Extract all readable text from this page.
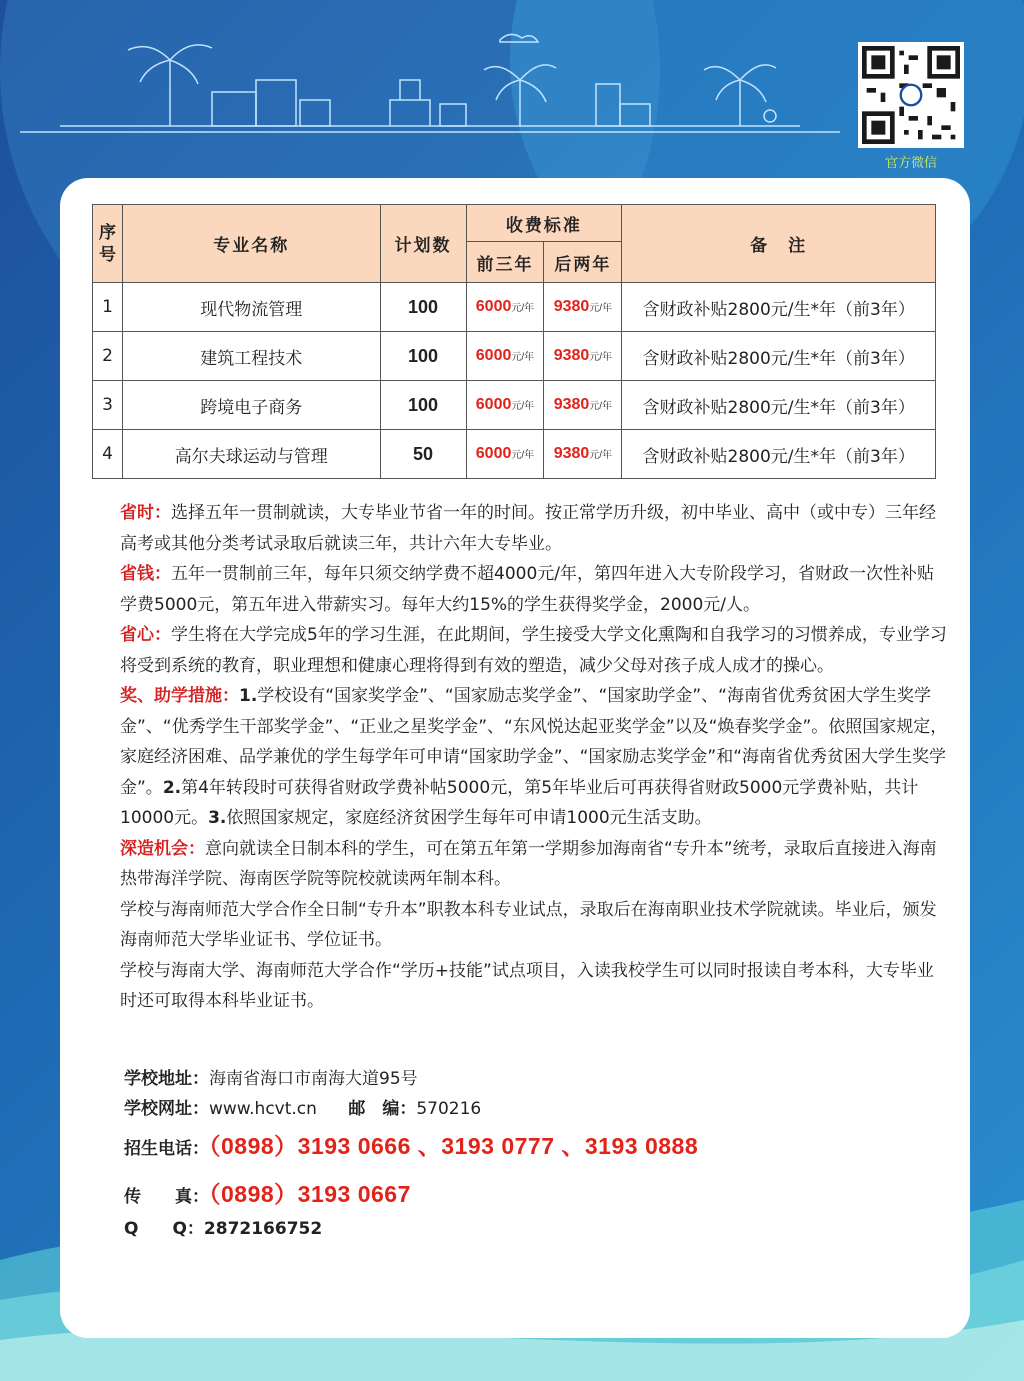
官方微信
序号	专业名称	计划数	收费标准		备　注
			前三年	后两年	
1	现代物流管理	100	6000元/年	9380元/年	含财政补贴2800元/生*年（前3年）
2	建筑工程技术	100	6000元/年	9380元/年	含财政补贴2800元/生*年（前3年）
3	跨境电子商务	100	6000元/年	9380元/年	含财政补贴2800元/生*年（前3年）
4	高尔夫球运动与管理	50	6000元/年	9380元/年	含财政补贴2800元/生*年（前3年）
省时：选择五年一贯制就读，大专毕业节省一年的时间。按正常学历升级，初中毕业、高中（或中专）三年经高考或其他分类考试录取后就读三年，共计六年大专毕业。
省钱：五年一贯制前三年，每年只须交纳学费不超4000元/年，第四年进入大专阶段学习，省财政一次性补贴学费5000元，第五年进入带薪实习。每年大约15%的学生获得奖学金，2000元/人。
省心：学生将在大学完成5年的学习生涯，在此期间，学生接受大学文化熏陶和自我学习的习惯养成，专业学习将受到系统的教育，职业理想和健康心理将得到有效的塑造，减少父母对孩子成人成才的操心。
奖、助学措施：1.学校设有“国家奖学金”、“国家励志奖学金”、“国家助学金”、“海南省优秀贫困大学生奖学金”、“优秀学生干部奖学金”、“正业之星奖学金”、“东风悦达起亚奖学金”以及“焕春奖学金”。依照国家规定，家庭经济困难、品学兼优的学生每学年可申请“国家助学金”、“国家励志奖学金”和“海南省优秀贫困大学生奖学金”。2.第4年转段时可获得省财政学费补帖5000元，第5年毕业后可再获得省财政5000元学费补贴，共计10000元。3.依照国家规定，家庭经济贫困学生每年可申请1000元生活支助。
深造机会：意向就读全日制本科的学生，可在第五年第一学期参加海南省“专升本”统考，录取后直接进入海南热带海洋学院、海南医学院等院校就读两年制本科。
学校与海南师范大学合作全日制“专升本”职教本科专业试点，录取后在海南职业技术学院就读。毕业后，颁发海南师范大学毕业证书、学位证书。
学校与海南大学、海南师范大学合作“学历+技能”试点项目，入读我校学生可以同时报读自考本科，大专毕业时还可取得本科毕业证书。
学校地址：海南省海口市南海大道95号
学校网址：www.hcvt.cn 邮　编：570216
招生电话：（0898）3193 0666 、3193 0777 、3193 0888
传　　真：（0898）3193 0667
Q　　Q：2872166752
